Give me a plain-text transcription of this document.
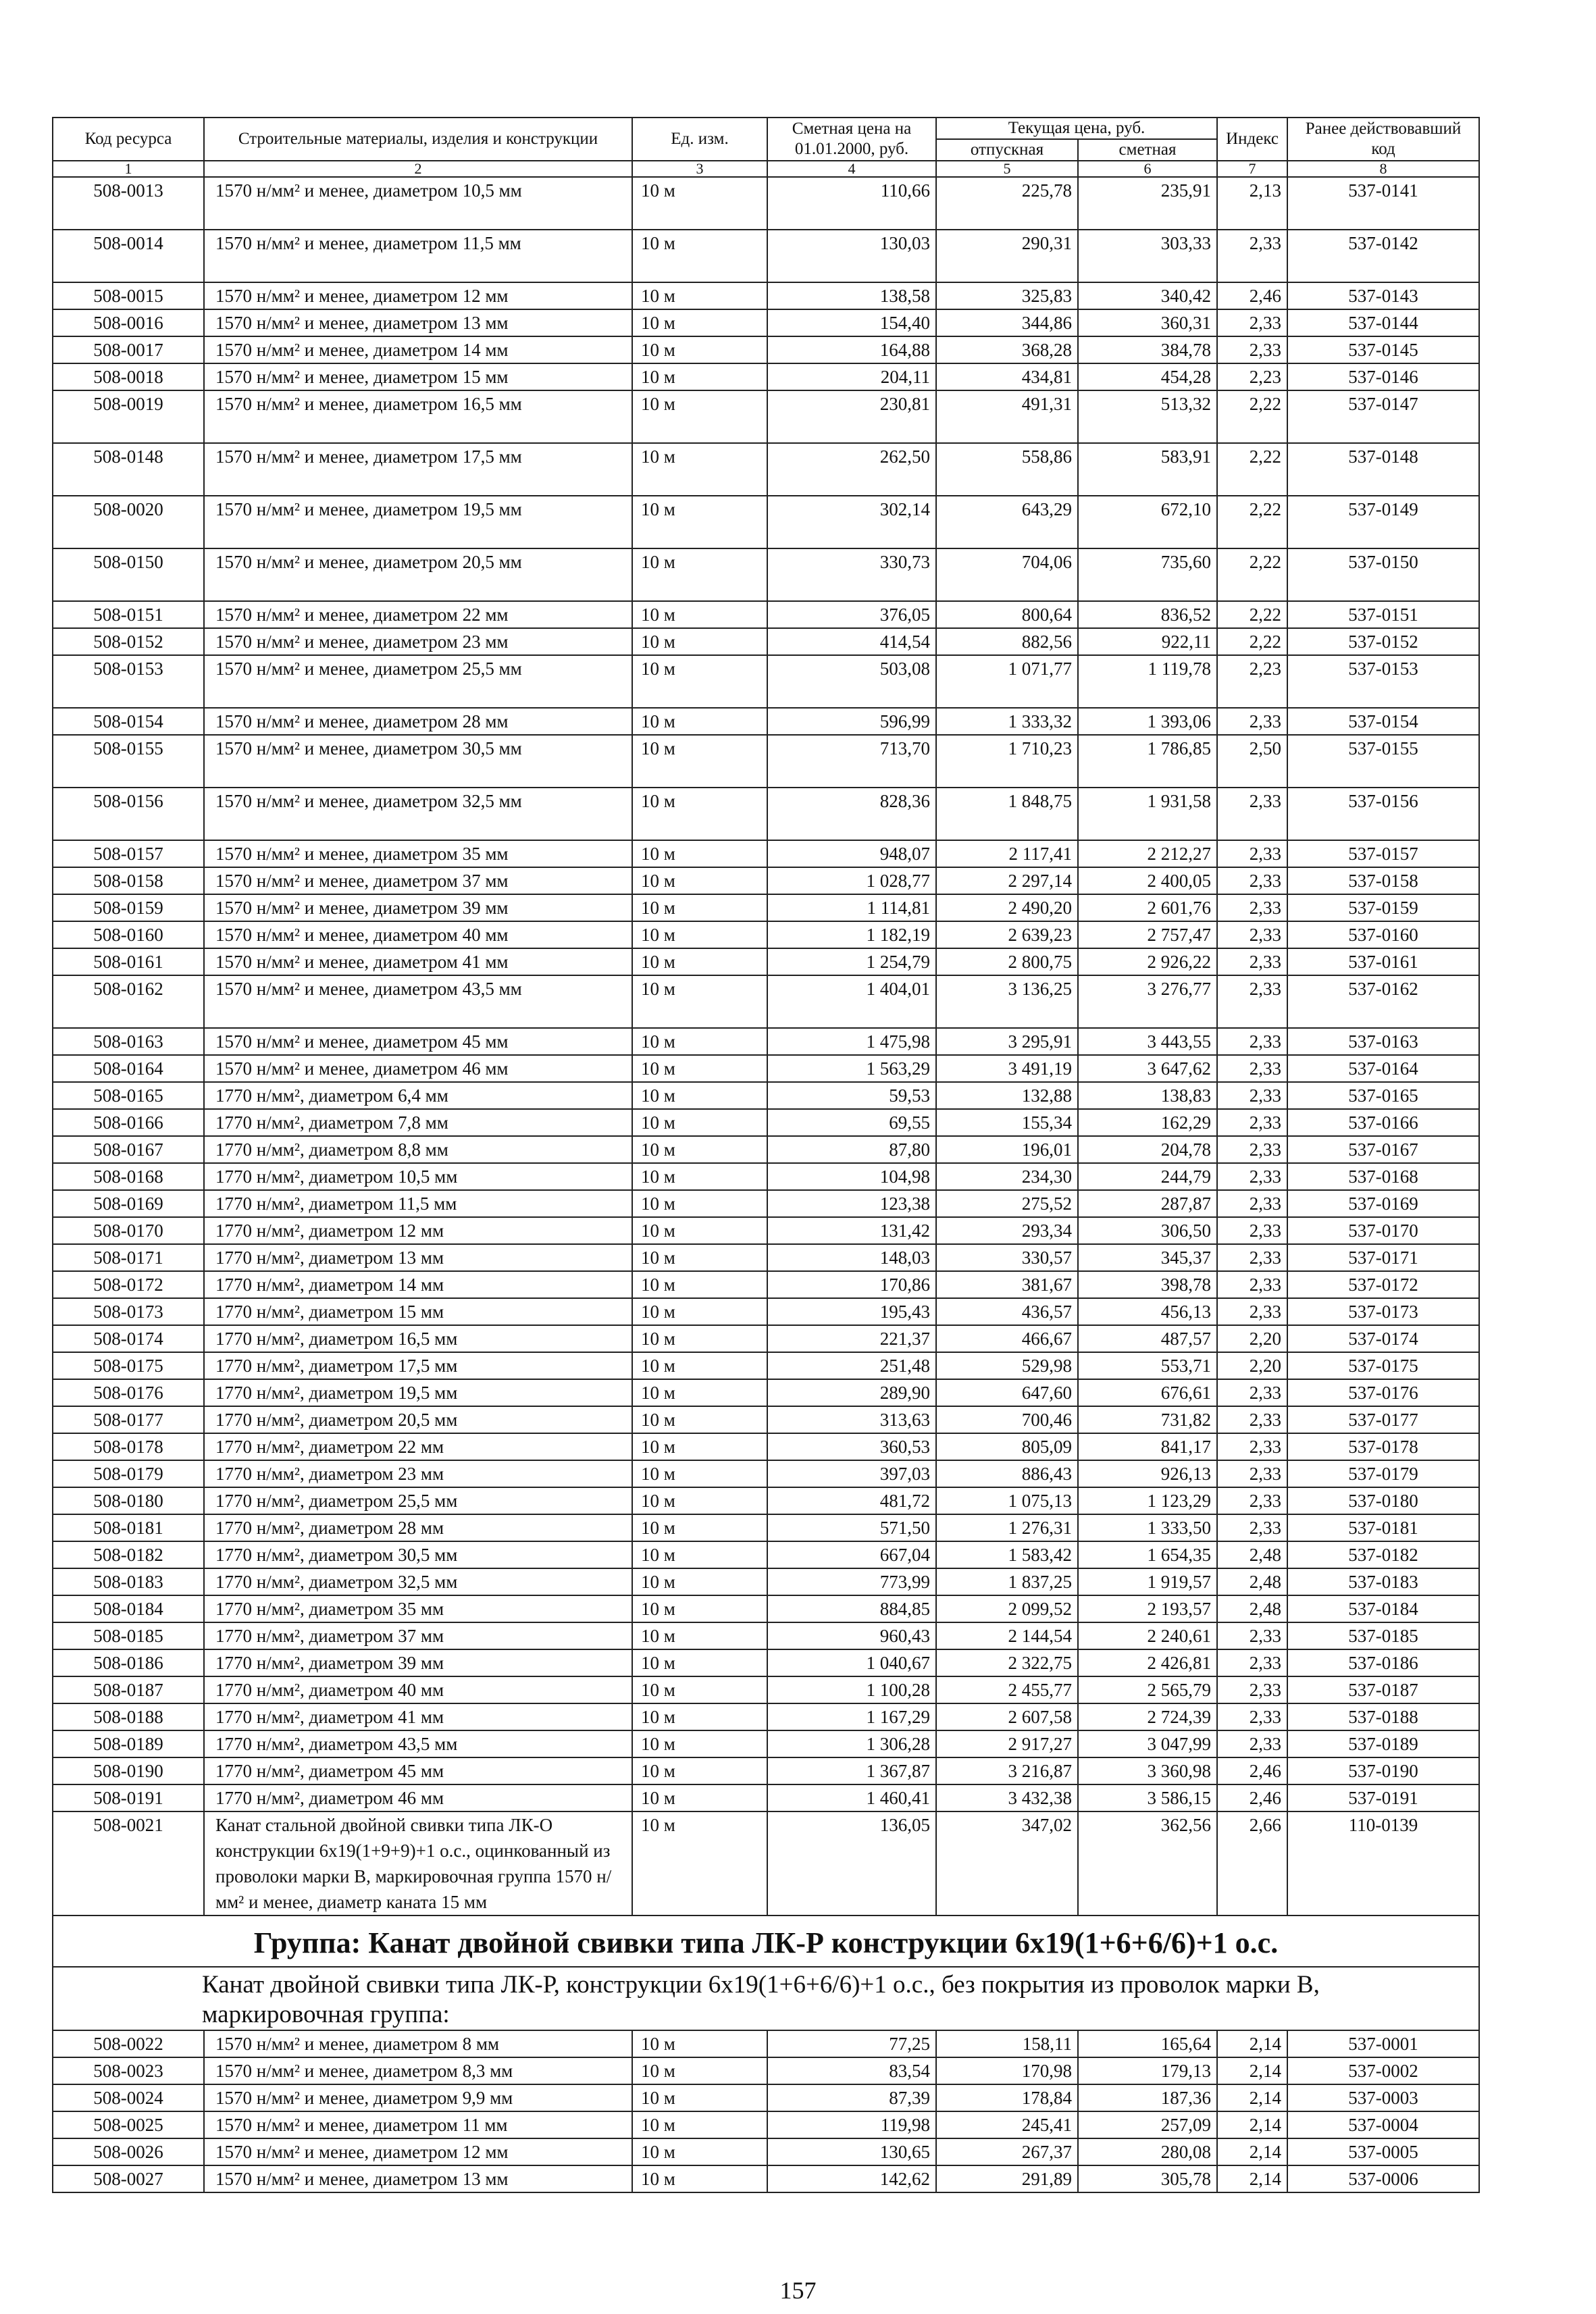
Код ресурса	Строительные материалы, изделия и конструкции	Ед. изм.	Сметная цена на 01.01.2000, руб.	Текущая цена, руб.		Индекс	Ранее действовавший код
				отпускная	сметная		
1	2	3	4	5	6	7	8
508-0013	1570 н/мм² и менее, диаметром 10,5 мм	10 м	110,66	225,78	235,91	2,13	537-0141
508-0014	1570 н/мм² и менее, диаметром 11,5 мм	10 м	130,03	290,31	303,33	2,33	537-0142
508-0015	1570 н/мм² и менее, диаметром 12 мм	10 м	138,58	325,83	340,42	2,46	537-0143
508-0016	1570 н/мм² и менее, диаметром 13 мм	10 м	154,40	344,86	360,31	2,33	537-0144
508-0017	1570 н/мм² и менее, диаметром 14 мм	10 м	164,88	368,28	384,78	2,33	537-0145
508-0018	1570 н/мм² и менее, диаметром 15 мм	10 м	204,11	434,81	454,28	2,23	537-0146
508-0019	1570 н/мм² и менее, диаметром 16,5 мм	10 м	230,81	491,31	513,32	2,22	537-0147
508-0148	1570 н/мм² и менее, диаметром 17,5 мм	10 м	262,50	558,86	583,91	2,22	537-0148
508-0020	1570 н/мм² и менее, диаметром 19,5 мм	10 м	302,14	643,29	672,10	2,22	537-0149
508-0150	1570 н/мм² и менее, диаметром 20,5 мм	10 м	330,73	704,06	735,60	2,22	537-0150
508-0151	1570 н/мм² и менее, диаметром 22 мм	10 м	376,05	800,64	836,52	2,22	537-0151
508-0152	1570 н/мм² и менее, диаметром 23 мм	10 м	414,54	882,56	922,11	2,22	537-0152
508-0153	1570 н/мм² и менее, диаметром 25,5 мм	10 м	503,08	1 071,77	1 119,78	2,23	537-0153
508-0154	1570 н/мм² и менее, диаметром 28 мм	10 м	596,99	1 333,32	1 393,06	2,33	537-0154
508-0155	1570 н/мм² и менее, диаметром 30,5 мм	10 м	713,70	1 710,23	1 786,85	2,50	537-0155
508-0156	1570 н/мм² и менее, диаметром 32,5 мм	10 м	828,36	1 848,75	1 931,58	2,33	537-0156
508-0157	1570 н/мм² и менее, диаметром 35 мм	10 м	948,07	2 117,41	2 212,27	2,33	537-0157
508-0158	1570 н/мм² и менее, диаметром 37 мм	10 м	1 028,77	2 297,14	2 400,05	2,33	537-0158
508-0159	1570 н/мм² и менее, диаметром 39 мм	10 м	1 114,81	2 490,20	2 601,76	2,33	537-0159
508-0160	1570 н/мм² и менее, диаметром 40 мм	10 м	1 182,19	2 639,23	2 757,47	2,33	537-0160
508-0161	1570 н/мм² и менее, диаметром 41 мм	10 м	1 254,79	2 800,75	2 926,22	2,33	537-0161
508-0162	1570 н/мм² и менее, диаметром 43,5 мм	10 м	1 404,01	3 136,25	3 276,77	2,33	537-0162
508-0163	1570 н/мм² и менее, диаметром 45 мм	10 м	1 475,98	3 295,91	3 443,55	2,33	537-0163
508-0164	1570 н/мм² и менее, диаметром 46 мм	10 м	1 563,29	3 491,19	3 647,62	2,33	537-0164
508-0165	1770 н/мм², диаметром 6,4 мм	10 м	59,53	132,88	138,83	2,33	537-0165
508-0166	1770 н/мм², диаметром 7,8 мм	10 м	69,55	155,34	162,29	2,33	537-0166
508-0167	1770 н/мм², диаметром 8,8 мм	10 м	87,80	196,01	204,78	2,33	537-0167
508-0168	1770 н/мм², диаметром 10,5 мм	10 м	104,98	234,30	244,79	2,33	537-0168
508-0169	1770 н/мм², диаметром 11,5 мм	10 м	123,38	275,52	287,87	2,33	537-0169
508-0170	1770 н/мм², диаметром 12 мм	10 м	131,42	293,34	306,50	2,33	537-0170
508-0171	1770 н/мм², диаметром 13 мм	10 м	148,03	330,57	345,37	2,33	537-0171
508-0172	1770 н/мм², диаметром 14 мм	10 м	170,86	381,67	398,78	2,33	537-0172
508-0173	1770 н/мм², диаметром 15 мм	10 м	195,43	436,57	456,13	2,33	537-0173
508-0174	1770 н/мм², диаметром 16,5 мм	10 м	221,37	466,67	487,57	2,20	537-0174
508-0175	1770 н/мм², диаметром 17,5 мм	10 м	251,48	529,98	553,71	2,20	537-0175
508-0176	1770 н/мм², диаметром 19,5 мм	10 м	289,90	647,60	676,61	2,33	537-0176
508-0177	1770 н/мм², диаметром 20,5 мм	10 м	313,63	700,46	731,82	2,33	537-0177
508-0178	1770 н/мм², диаметром 22 мм	10 м	360,53	805,09	841,17	2,33	537-0178
508-0179	1770 н/мм², диаметром 23 мм	10 м	397,03	886,43	926,13	2,33	537-0179
508-0180	1770 н/мм², диаметром 25,5 мм	10 м	481,72	1 075,13	1 123,29	2,33	537-0180
508-0181	1770 н/мм², диаметром 28 мм	10 м	571,50	1 276,31	1 333,50	2,33	537-0181
508-0182	1770 н/мм², диаметром 30,5 мм	10 м	667,04	1 583,42	1 654,35	2,48	537-0182
508-0183	1770 н/мм², диаметром 32,5 мм	10 м	773,99	1 837,25	1 919,57	2,48	537-0183
508-0184	1770 н/мм², диаметром 35 мм	10 м	884,85	2 099,52	2 193,57	2,48	537-0184
508-0185	1770 н/мм², диаметром 37 мм	10 м	960,43	2 144,54	2 240,61	2,33	537-0185
508-0186	1770 н/мм², диаметром 39 мм	10 м	1 040,67	2 322,75	2 426,81	2,33	537-0186
508-0187	1770 н/мм², диаметром 40 мм	10 м	1 100,28	2 455,77	2 565,79	2,33	537-0187
508-0188	1770 н/мм², диаметром 41 мм	10 м	1 167,29	2 607,58	2 724,39	2,33	537-0188
508-0189	1770 н/мм², диаметром 43,5 мм	10 м	1 306,28	2 917,27	3 047,99	2,33	537-0189
508-0190	1770 н/мм², диаметром 45 мм	10 м	1 367,87	3 216,87	3 360,98	2,46	537-0190
508-0191	1770 н/мм², диаметром 46 мм	10 м	1 460,41	3 432,38	3 586,15	2,46	537-0191
508-0021	Канат стальной двойной свивки типа ЛК-О конструкции 6х19(1+9+9)+1 о.с., оцинкованный из проволоки марки В, маркировочная группа 1570 н/мм² и менее, диаметр каната 15 мм	10 м	136,05	347,02	362,56	2,66	110-0139
Группа: Канат двойной свивки типа ЛК-Р конструкции 6х19(1+6+6/6)+1 о.с.							
Канат двойной свивки типа ЛК-Р, конструкции 6х19(1+6+6/6)+1 о.с., без покрытия из проволок марки В, маркировочная группа:							
508-0022	1570 н/мм² и менее, диаметром 8 мм	10 м	77,25	158,11	165,64	2,14	537-0001
508-0023	1570 н/мм² и менее, диаметром 8,3 мм	10 м	83,54	170,98	179,13	2,14	537-0002
508-0024	1570 н/мм² и менее, диаметром 9,9 мм	10 м	87,39	178,84	187,36	2,14	537-0003
508-0025	1570 н/мм² и менее, диаметром 11 мм	10 м	119,98	245,41	257,09	2,14	537-0004
508-0026	1570 н/мм² и менее, диаметром 12 мм	10 м	130,65	267,37	280,08	2,14	537-0005
508-0027	1570 н/мм² и менее, диаметром 13 мм	10 м	142,62	291,89	305,78	2,14	537-0006
157
